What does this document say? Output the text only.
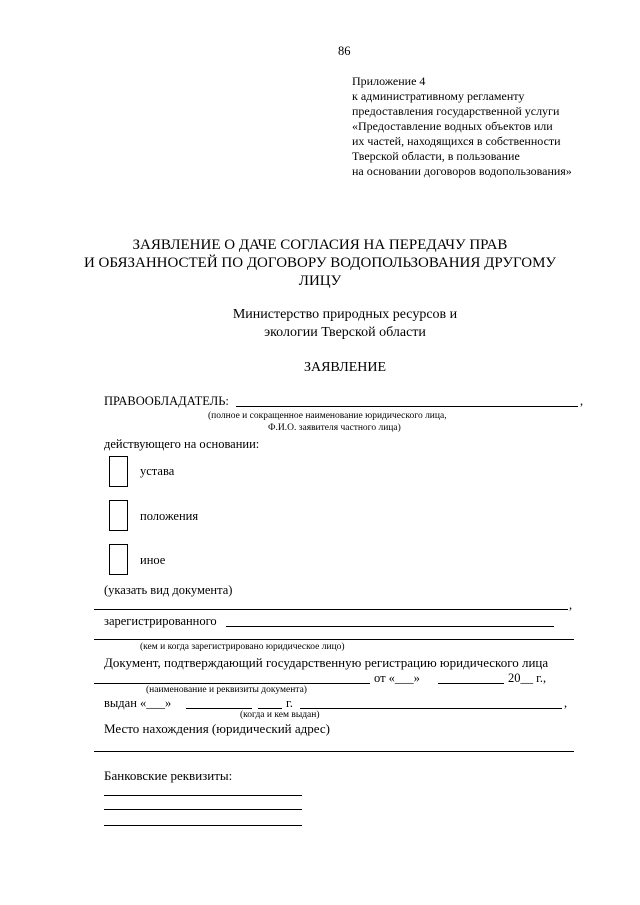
86
Приложение 4
к административному регламенту
предоставления государственной услуги
«Предоставление водных объектов или
их частей, находящихся в собственности
Тверской области, в пользование
на основании договоров водопользования»
ЗАЯВЛЕНИЕ О ДАЧЕ СОГЛАСИЯ НА ПЕРЕДАЧУ ПРАВ
И ОБЯЗАННОСТЕЙ ПО ДОГОВОРУ ВОДОПОЛЬЗОВАНИЯ ДРУГОМУ
ЛИЦУ
Министерство природных ресурсов и
экологии Тверской области
ЗАЯВЛЕНИЕ
ПРАВООБЛАДАТЕЛЬ:	,
(полное и сокращенное наименование юридического лица,
Ф.И.О. заявителя частного лица)
действующего на основании:
устава
положения
иное
(указать вид документа)
,
зарегистрированного
(кем и когда зарегистрировано юридическое лицо)
Документ, подтверждающий государственную регистрацию юридического лица
от «___»	20__ г.,
(наименование и реквизиты документа)
выдан «___»	г.	,
(когда и кем выдан)
Место нахождения (юридический адрес)
Банковские реквизиты:
